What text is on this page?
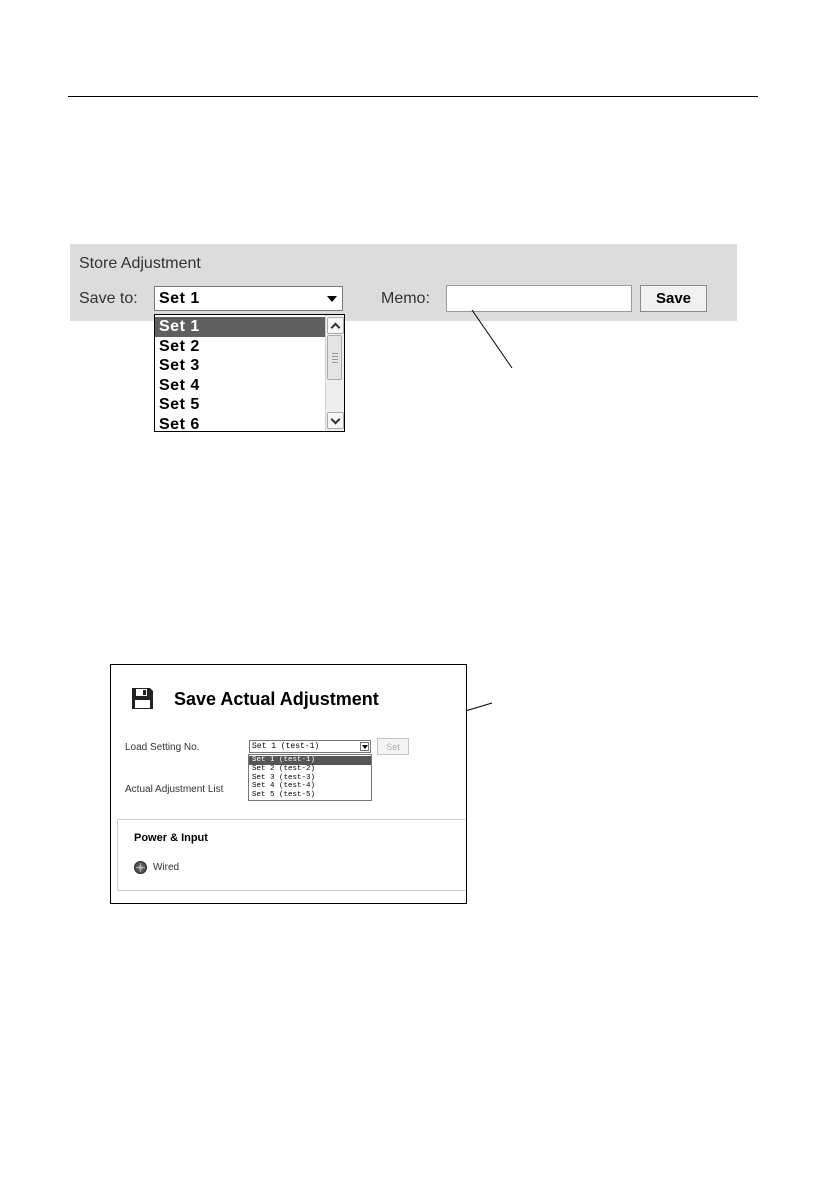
Store Adjustment
Save to: Set 1	Memo:	Save
Set 1
Set 2
Set 3
Set 4
Set 5
Set 6
Save Actual Adjustment
Load Setting No.	Set 1 (test-1)	Set
Set 1 (test-1)
Set 2 (test-2)
Set 3 (test-3)
Set 4 (test-4)
Set 5 (test-5)
Actual Adjustment List
Power & Input
Wired
